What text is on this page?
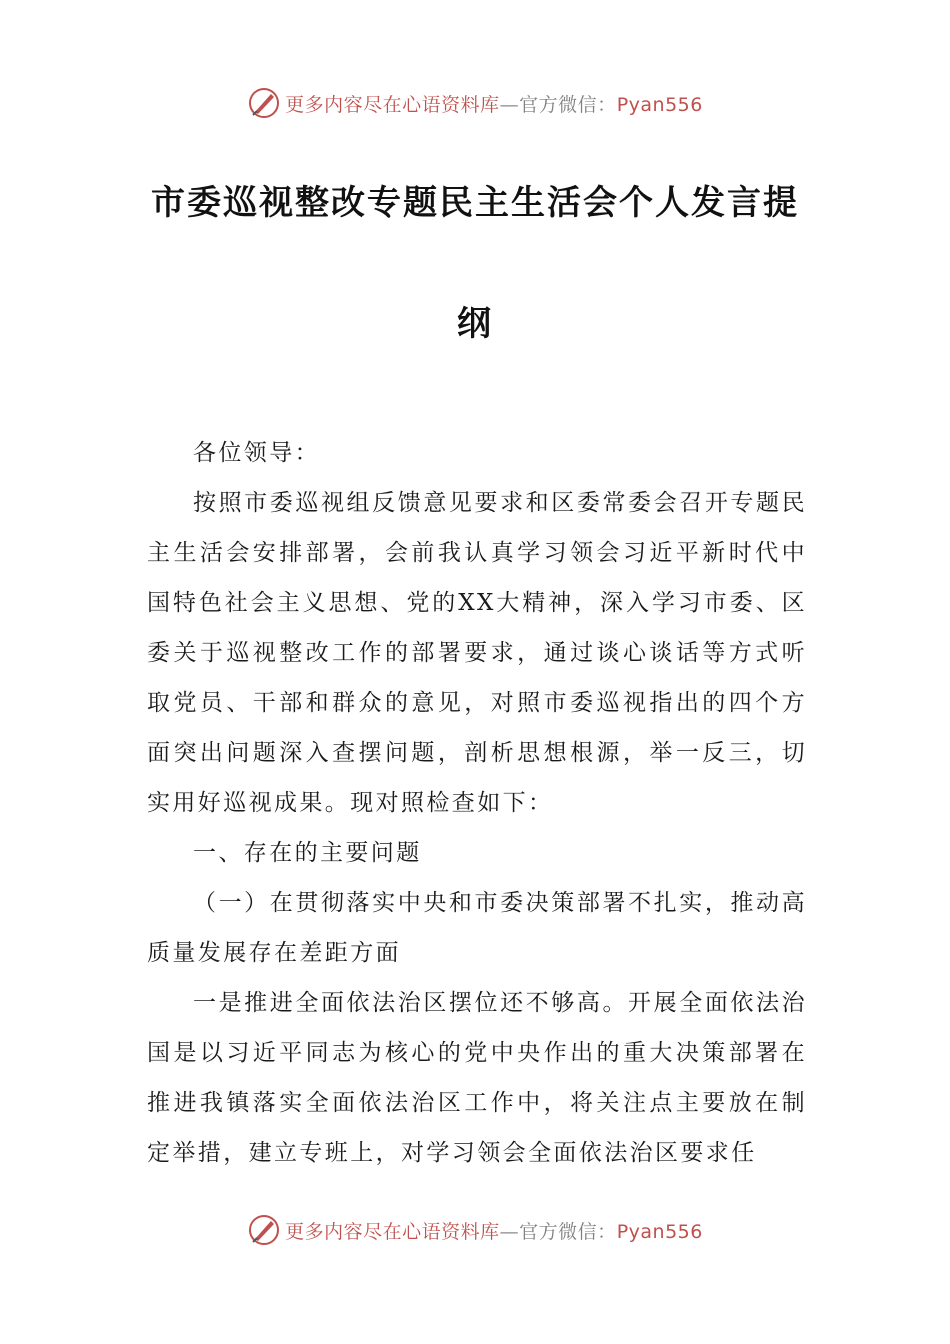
更多内容尽在心语资料库—官方微信：Pyan556
市委巡视整改专题民主生活会个人发言提
纲

各位领导：

按照市委巡视组反馈意见要求和区委常委会召开专题民主生活会安排部署，会前我认真学习领会习近平新时代中国特色社会主义思想、党的XX大精神，深入学习市委、区委关于巡视整改工作的部署要求，通过谈心谈话等方式听取党员、干部和群众的意见，对照市委巡视指出的四个方面突出问题深入查摆问题，剖析思想根源，举一反三，切实用好巡视成果。现对照检查如下：

一、存在的主要问题

（一）在贯彻落实中央和市委决策部署不扎实，推动高质量发展存在差距方面

一是推进全面依法治区摆位还不够高。开展全面依法治国是以习近平同志为核心的党中央作出的重大决策部署在推进我镇落实全面依法治区工作中，将关注点主要放在制定举措，建立专班上，对学习领会全面依法治区要求任

更多内容尽在心语资料库—官方微信：Pyan556
